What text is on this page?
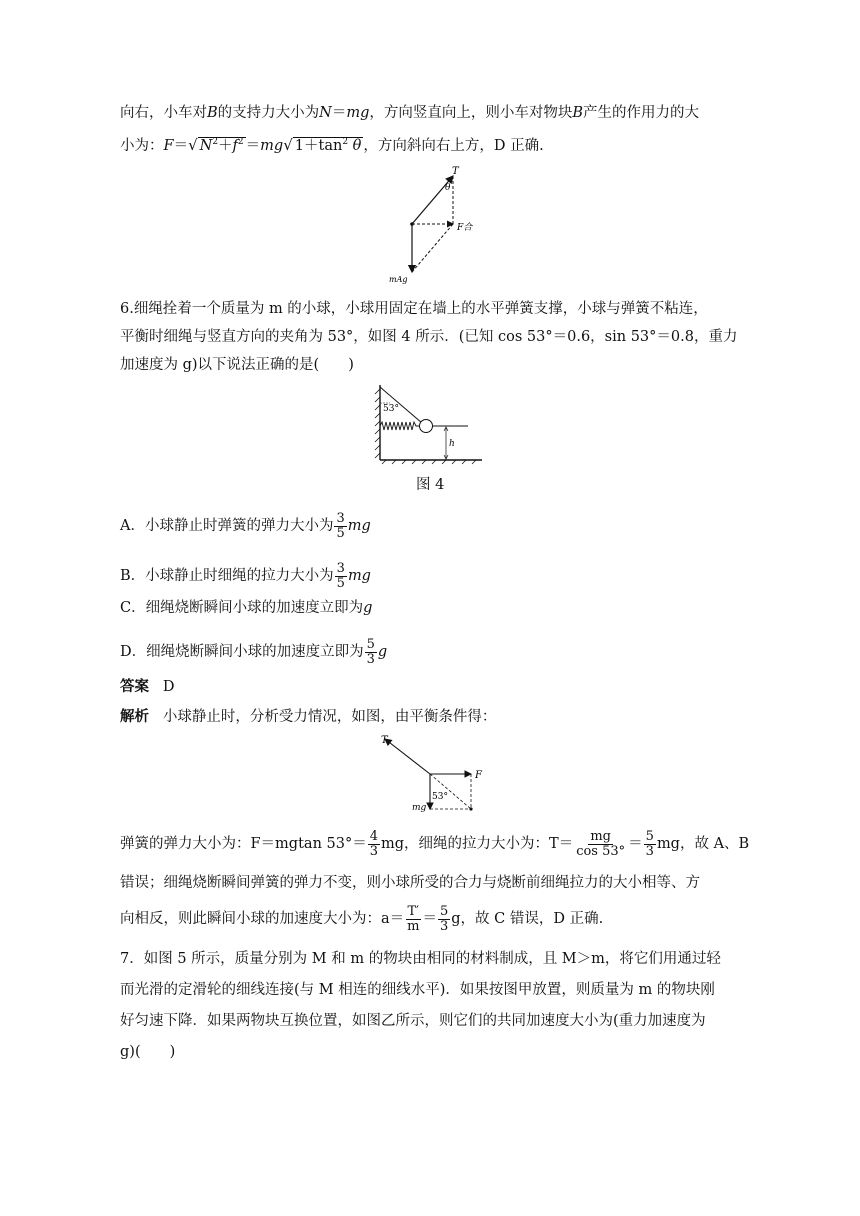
向右，小车对B的支持力大小为N＝mg，方向竖直向上，则小车对物块B产生的作用力的大
小为：F＝√ $N^2+f^2 =mg√$ $1+\tan^2$ θ ，方向斜向右上方，D 正确.
T
θ
F合
mAg
6.细绳拴着一个质量为 m 的小球，小球用固定在墙上的水平弹簧支撑，小球与弹簧不粘连，
平衡时细绳与竖直方向的夹角为 53°，如图 4 所示．(已知 cos 53°＝0.6，sin 53°＝0.8，重力
加速度为 g)以下说法正确的是(　　)
53°
h
图 4
A．小球静止时弹簧的弹力大小为 $\frac{3}{5}$ mg
B．小球静止时细绳的拉力大小为 $\frac{3}{5}$ mg
C．细绳烧断瞬间小球的加速度立即为g
D．细绳烧断瞬间小球的加速度立即为 $\frac{5}{3}$ g
答案 D
解析 小球静止时，分析受力情况，如图，由平衡条件得：
T
F
mg
53°
弹簧的弹力大小为：F＝mgtan $53^\circ= \frac{4}{3}$ mg，细绳的拉力大小为：$T= \frac{mg}{\cos 53^\circ} = \frac{5}{3}$ mg，故 A、B
错误；细绳烧断瞬间弹簧的弹力不变，则小球所受的合力与烧断前细绳拉力的大小相等、方
向相反，则此瞬间小球的加速度大小为：$a= \frac{T'}{m} = \frac{5}{3}$ g，故 C 错误，D 正确.
7．如图 5 所示，质量分别为 M 和 m 的物块由相同的材料制成，且 M＞m，将它们用通过轻
而光滑的定滑轮的细线连接(与 M 相连的细线水平)．如果按图甲放置，则质量为 m 的物块刚
好匀速下降．如果两物块互换位置，如图乙所示，则它们的共同加速度大小为(重力加速度为
g)(　　)
